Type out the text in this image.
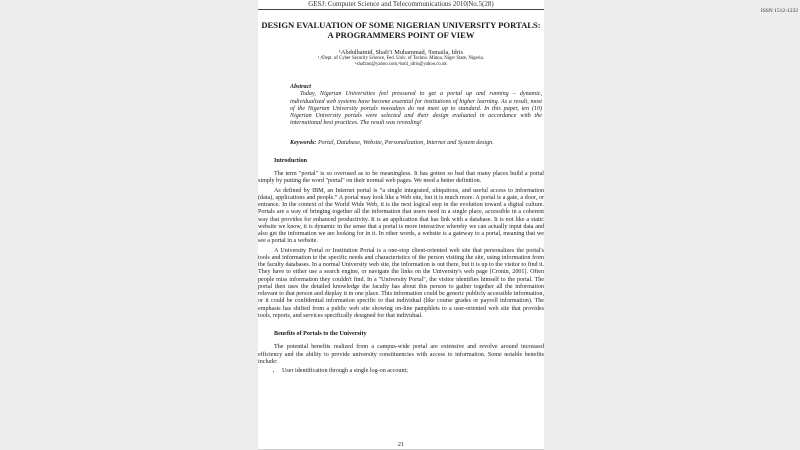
GESJ: Computer Science and Telecommunications 2010|No.5(28)
ISSN 1512-1232

DESIGN EVALUATION OF SOME NIGERIAN UNIVERSITY PORTALS:
A PROGRAMMERS POINT OF VIEW

¹Abdulhamid, Shafi’i Muhammad, ²Ismaila, Idris
¹,²Dept. of Cyber Security Science, Fed. Univ. of Techno. Minna, Niger State, Nigeria.
¹shafzon@yahoo.com,²ismi_idris@yahoo.co.uk
Abstract
Today, Nigerian Universities feel pressured to get a portal up and running – dynamic, individualized web systems have become essential for institutions of higher learning. As a result, most of the Nigerian University portals nowadays do not meet up to standard. In this paper, ten (10) Nigerian University portals were selected and their design evaluated in accordance with the international best practices. The result was revealing!
Keywords: Portal, Database, Website, Personalization, Internet and System design.
Introduction

The term "portal" is so overused as to be meaningless. It has gotten so bad that many places build a portal simply by putting the word "portal" on their normal web pages. We need a better definition.

As defined by IBM, an Internet portal is “a single integrated, ubiquitous, and useful access to information (data), applications and people.” A portal may look like a Web site, but it is much more. A portal is a gate, a door, or entrance. In the context of the World Wide Web, it is the next logical step in the evolution toward a digital culture. Portals are a way of bringing together all the information that users need in a single place, accessible in a coherent way that provides for enhanced productivity. It is an application that has link with a database. It is not like a static website we know, it is dynamic in the sense that a portal is more interactive whereby we can actually input data and also get the information we are looking for in it. In other words, a website is a gateway to a portal, meaning that we see a portal in a website.

A University Portal or Institution Portal is a one-stop client-oriented web site that personalizes the portal's tools and information to the specific needs and characteristics of the person visiting the site, using information from the faculty databases. In a normal University web site, the information is out there, but it is up to the visitor to find it. They have to either use a search engine, or navigate the links on the University's web page [Cronin, 2001]. Often people miss information they couldn't find. In a "University Portal", the visitor identifies himself to the portal. The portal then uses the detailed knowledge the faculty has about this person to gather together all the information relevant to that person and display it in one place. This information could be generic publicly accessible information, or it could be confidential information specific to that individual (like course grades or payroll information). The emphasis has shifted from a public web site showing on-line pamphlets to a user-oriented web site that provides tools, reports, and services specifically designed for that individual.

Benefits of Portals to the University

The potential benefits realized from a campus-wide portal are extensive and revolve around increased efficiency and the ability to provide university constituencies with access to information. Some notable benefits include:

• User identification through a single log-on account;
21
